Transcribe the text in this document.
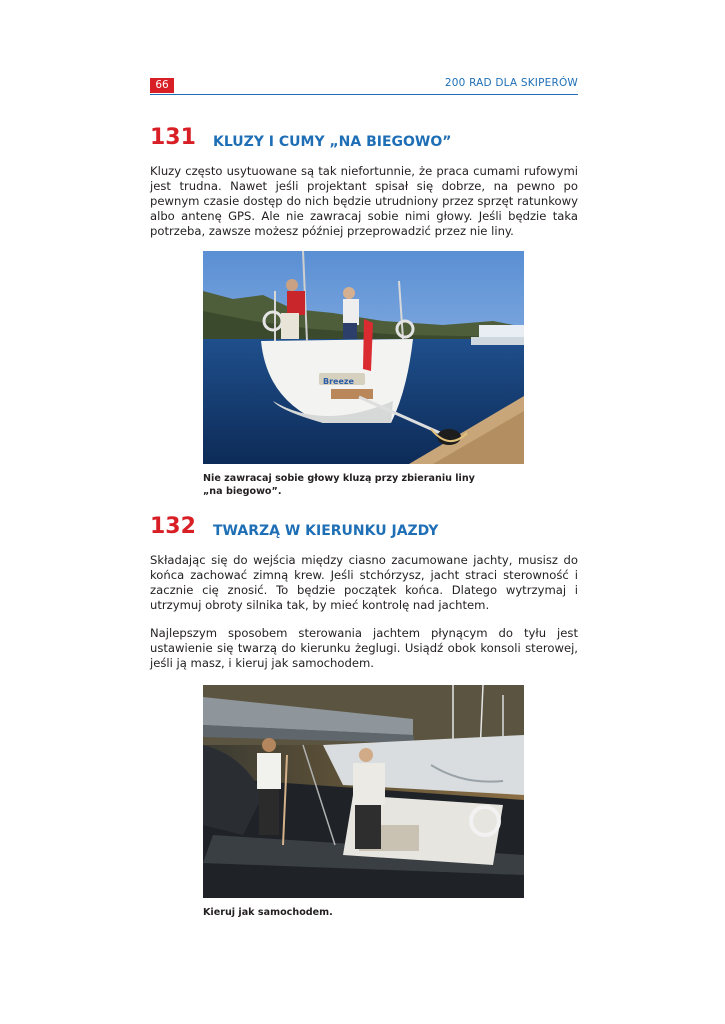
66	200 RAD DLA SKIPERÓW
131 KLUZY I CUMY „NA BIEGOWO”

Kluzy często usytuowane są tak niefortunnie, że praca cumami rufowymi jest trudna. Nawet jeśli projektant spisał się dobrze, na pewno po pewnym czasie dostęp do nich będzie utrudniony przez sprzęt ratunkowy albo antenę GPS. Ale nie zawracaj sobie nimi głowy. Jeśli będzie taka potrzeba, zawsze możesz później przeprowadzić przez nie liny.

Breeze

Nie zawracaj sobie głowy kluzą przy zbieraniu liny
„na biegowo”.

132 TWARZĄ W KIERUNKU JAZDY

Składając się do wejścia między ciasno zacumowane jachty, musisz do końca zachować zimną krew. Jeśli stchórzysz, jacht straci sterowność i zacznie cię znosić. To będzie początek końca. Dlatego wytrzymaj i utrzymuj obroty silnika tak, by mieć kontrolę nad jachtem.

Najlepszym sposobem sterowania jachtem płynącym do tyłu jest ustawienie się twarzą do kierunku żeglugi. Usiądź obok konsoli sterowej, jeśli ją masz, i kieruj jak samochodem.

Kieruj jak samochodem.
